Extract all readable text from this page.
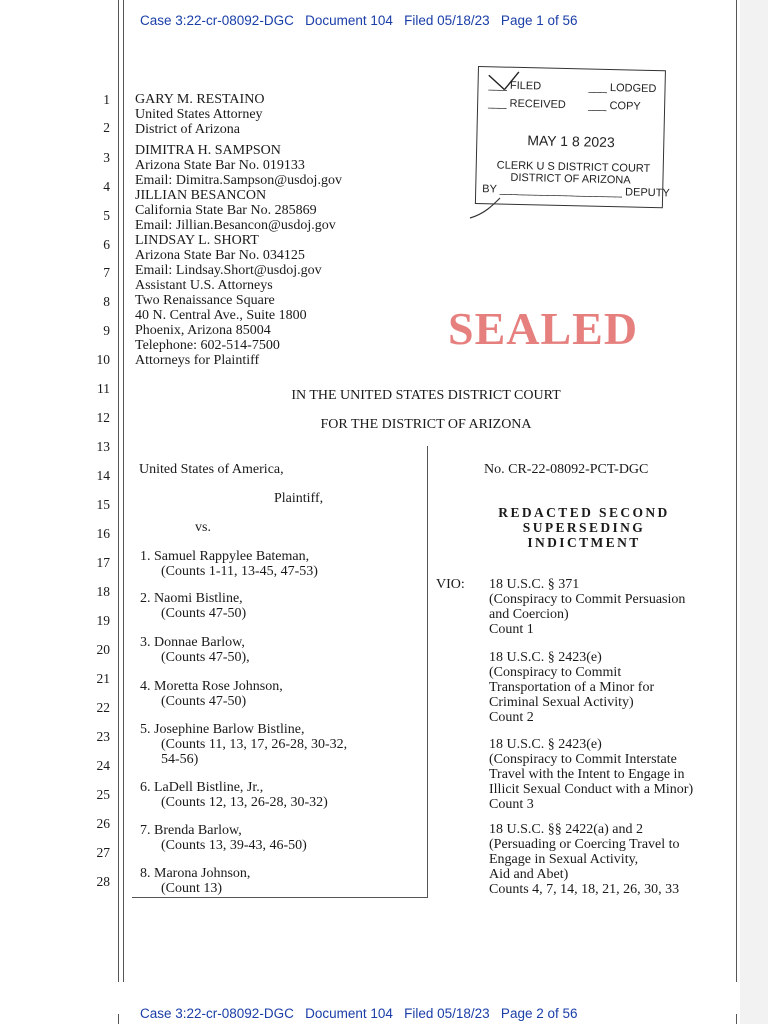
Case 3:22-cr-08092-DGC   Document 104   Filed 05/18/23   Page 1 of 56
1
2
3
4
5
6
7
8
9
10
11
12
13
14
15
16
17
18
19
20
21
22
23
24
25
26
27
28
GARY M. RESTAINO
United States Attorney
District of Arizona
DIMITRA H. SAMPSON
Arizona State Bar No. 019133
Email: Dimitra.Sampson@usdoj.gov
JILLIAN BESANCON
California State Bar No. 285869
Email: Jillian.Besancon@usdoj.gov
LINDSAY L. SHORT
Arizona State Bar No. 034125
Email: Lindsay.Short@usdoj.gov
Assistant U.S. Attorneys
Two Renaissance Square
40 N. Central Ave., Suite 1800
Phoenix, Arizona 85004
Telephone: 602-514-7500
Attorneys for Plaintiff
___ FILED	___ LODGED
___ RECEIVED ___ COPY
MAY 1 8 2023
CLERK U S DISTRICT COURT
DISTRICT OF ARIZONA
BY ____________________ DEPUTY
SEALED
IN THE UNITED STATES DISTRICT COURT
FOR THE DISTRICT OF ARIZONA
United States of America,
Plaintiff,
vs.
No. CR-22-08092-PCT-DGC
REDACTED SECOND
SUPERSEDING
INDICTMENT
1. Samuel Rappylee Bateman,
(Counts 1-11, 13-45, 47-53)
2. Naomi Bistline,
(Counts 47-50)
3. Donnae Barlow,
(Counts 47-50),
4. Moretta Rose Johnson,
(Counts 47-50)
5. Josephine Barlow Bistline,
(Counts 11, 13, 17, 26-28, 30-32,
54-56)
6. LaDell Bistline, Jr.,
(Counts 12, 13, 26-28, 30-32)
7. Brenda Barlow,
(Counts 13, 39-43, 46-50)
8. Marona Johnson,
(Count 13)
VIO: 18 U.S.C. § 371
(Conspiracy to Commit Persuasion
and Coercion)
Count 1
18 U.S.C. § 2423(e)
(Conspiracy to Commit
Transportation of a Minor for
Criminal Sexual Activity)
Count 2
18 U.S.C. § 2423(e)
(Conspiracy to Commit Interstate
Travel with the Intent to Engage in
Illicit Sexual Conduct with a Minor)
Count 3
18 U.S.C. §§ 2422(a) and 2
(Persuading or Coercing Travel to
Engage in Sexual Activity,
Aid and Abet)
Counts 4, 7, 14, 18, 21, 26, 30, 33
Case 3:22-cr-08092-DGC   Document 104   Filed 05/18/23   Page 2 of 56
